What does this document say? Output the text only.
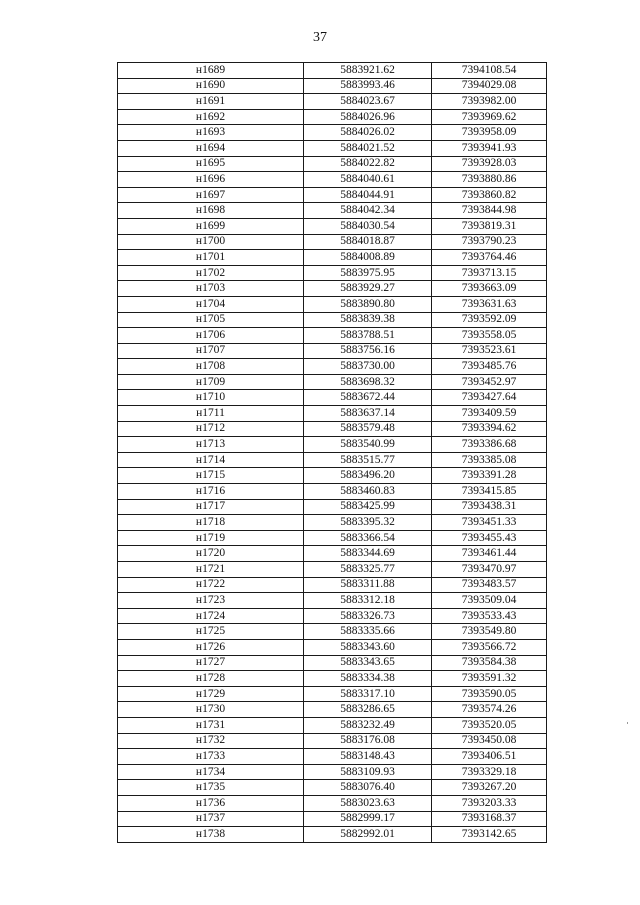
37
н1689	5883921.62	7394108.54
н1690	5883993.46	7394029.08
н1691	5884023.67	7393982.00
н1692	5884026.96	7393969.62
н1693	5884026.02	7393958.09
н1694	5884021.52	7393941.93
н1695	5884022.82	7393928.03
н1696	5884040.61	7393880.86
н1697	5884044.91	7393860.82
н1698	5884042.34	7393844.98
н1699	5884030.54	7393819.31
н1700	5884018.87	7393790.23
н1701	5884008.89	7393764.46
н1702	5883975.95	7393713.15
н1703	5883929.27	7393663.09
н1704	5883890.80	7393631.63
н1705	5883839.38	7393592.09
н1706	5883788.51	7393558.05
н1707	5883756.16	7393523.61
н1708	5883730.00	7393485.76
н1709	5883698.32	7393452.97
н1710	5883672.44	7393427.64
н1711	5883637.14	7393409.59
н1712	5883579.48	7393394.62
н1713	5883540.99	7393386.68
н1714	5883515.77	7393385.08
н1715	5883496.20	7393391.28
н1716	5883460.83	7393415.85
н1717	5883425.99	7393438.31
н1718	5883395.32	7393451.33
н1719	5883366.54	7393455.43
н1720	5883344.69	7393461.44
н1721	5883325.77	7393470.97
н1722	5883311.88	7393483.57
н1723	5883312.18	7393509.04
н1724	5883326.73	7393533.43
н1725	5883335.66	7393549.80
н1726	5883343.60	7393566.72
н1727	5883343.65	7393584.38
н1728	5883334.38	7393591.32
н1729	5883317.10	7393590.05
н1730	5883286.65	7393574.26
н1731	5883232.49	7393520.05
н1732	5883176.08	7393450.08
н1733	5883148.43	7393406.51
н1734	5883109.93	7393329.18
н1735	5883076.40	7393267.20
н1736	5883023.63	7393203.33
н1737	5882999.17	7393168.37
н1738	5882992.01	7393142.65
